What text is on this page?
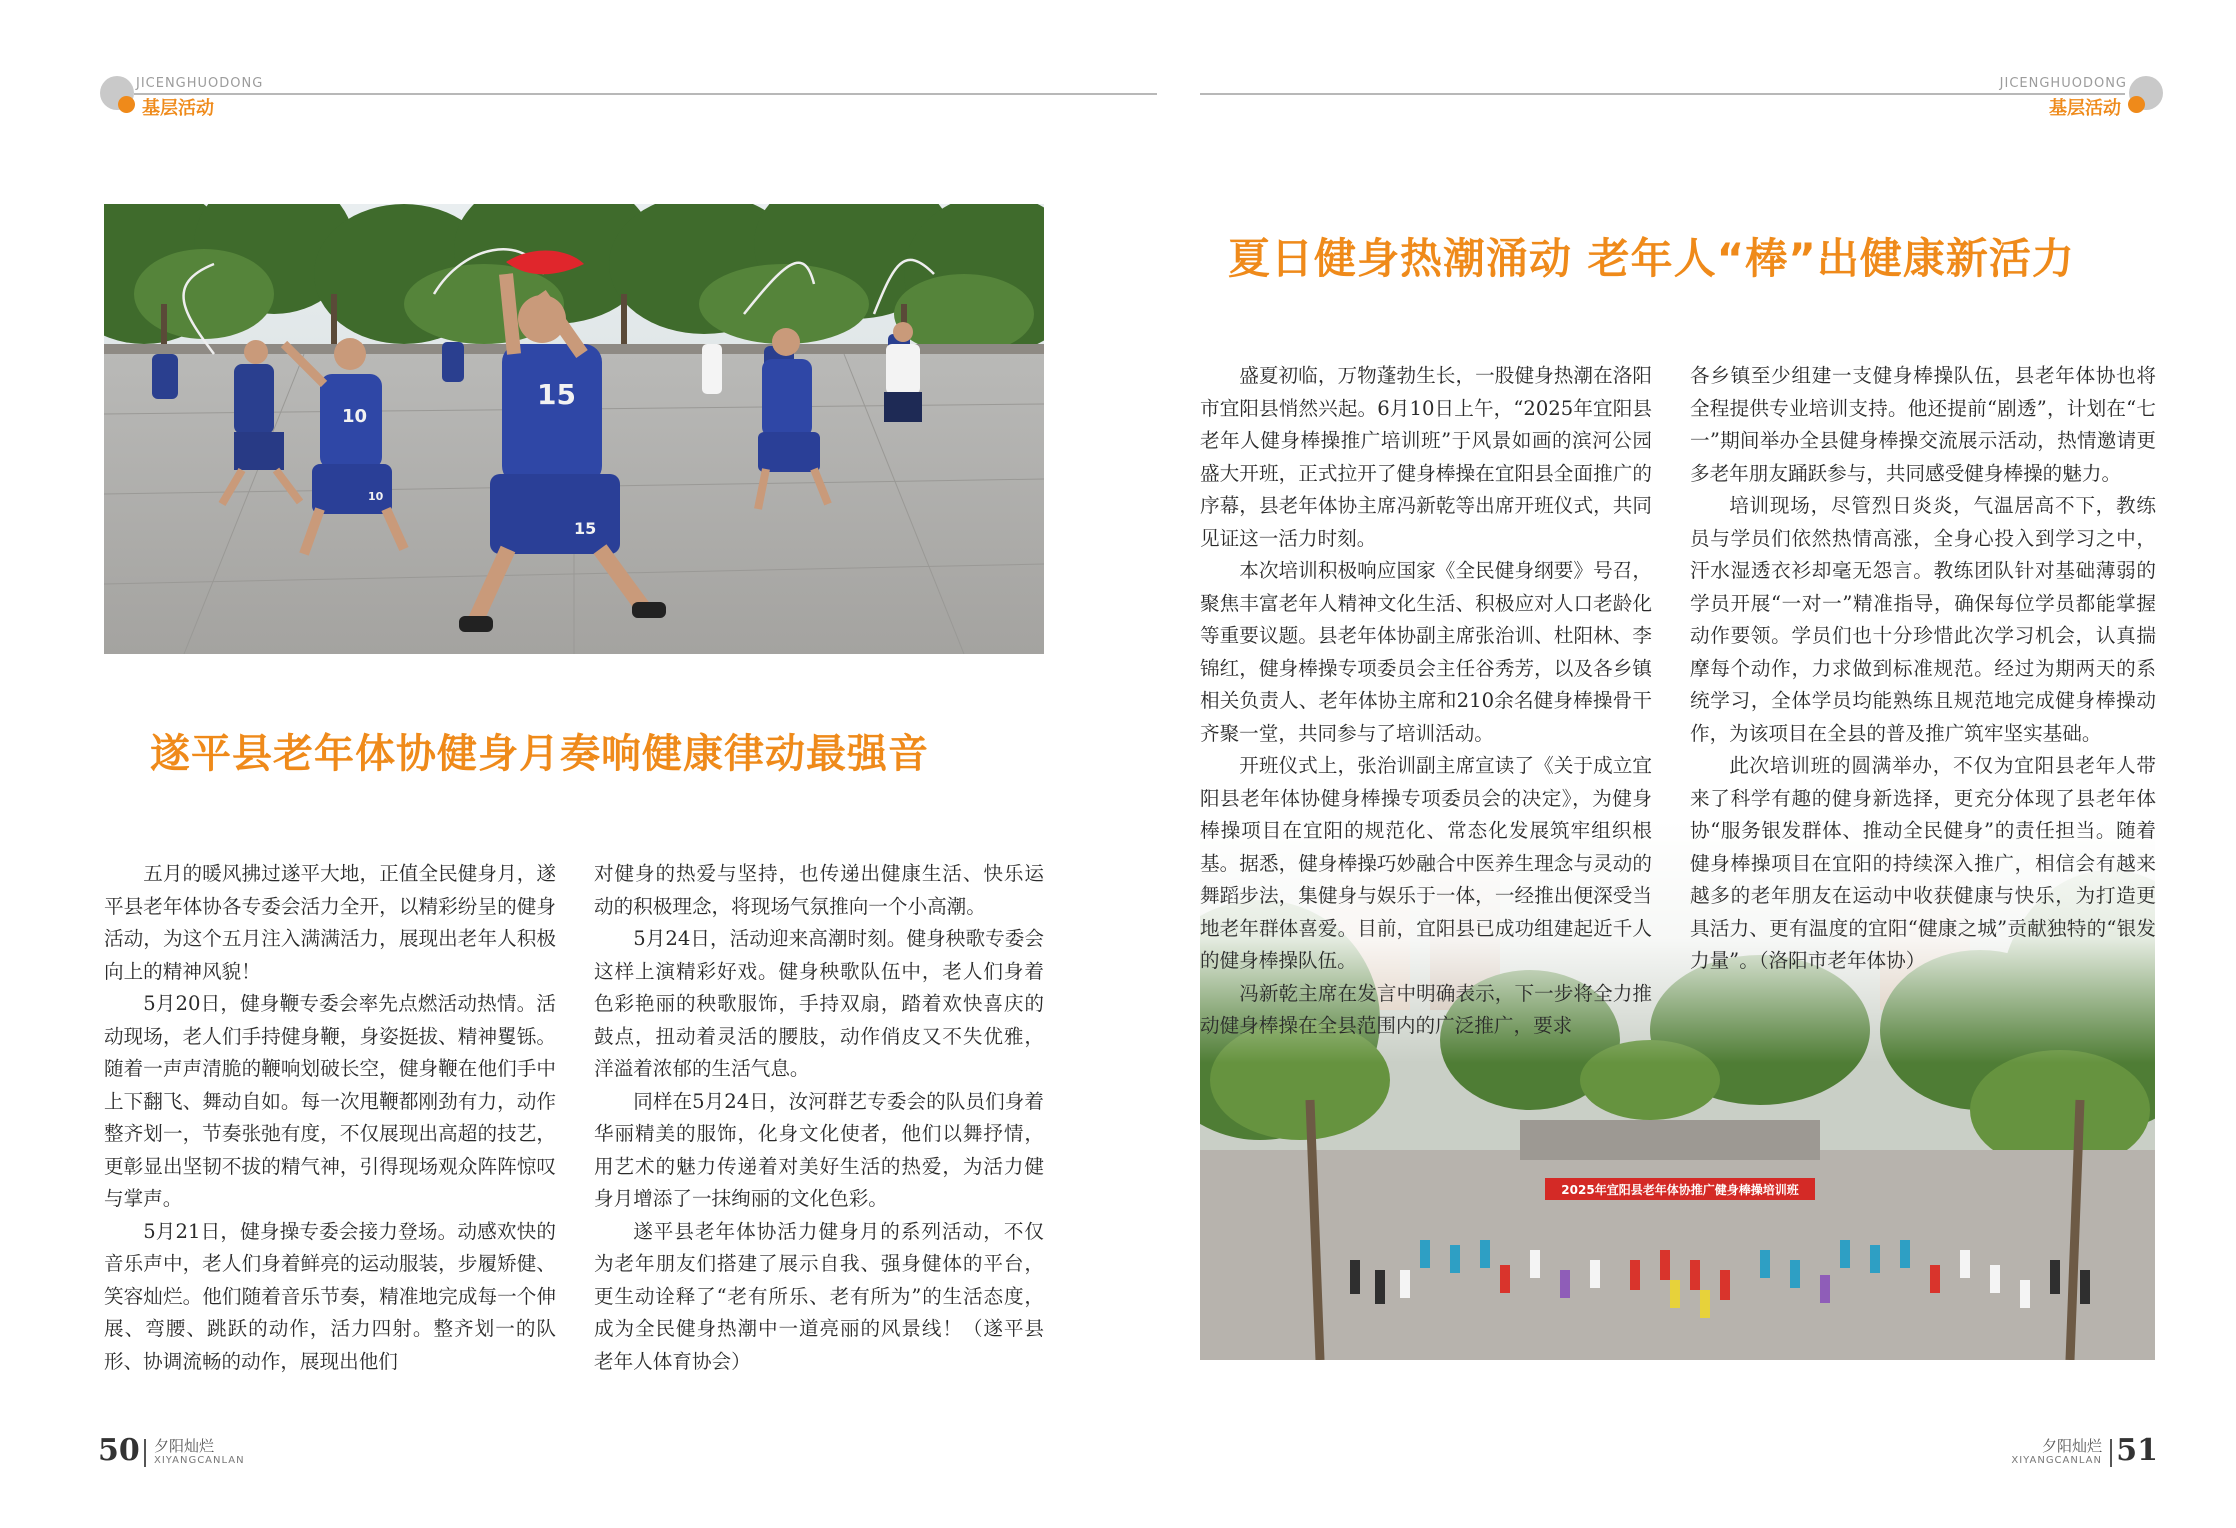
JICENGHUODONG
基层活动
15
15
10
10
遂平县老年体协健身月奏响健康律动最强音

五月的暖风拂过遂平大地，正值全民健身月，遂平县老年体协各专委会活力全开，以精彩纷呈的健身活动，为这个五月注入满满活力，展现出老年人积极向上的精神风貌！

5月20日，健身鞭专委会率先点燃活动热情。活动现场，老人们手持健身鞭，身姿挺拔、精神矍铄。随着一声声清脆的鞭响划破长空，健身鞭在他们手中上下翻飞、舞动自如。每一次甩鞭都刚劲有力，动作整齐划一，节奏张弛有度，不仅展现出高超的技艺，更彰显出坚韧不拔的精气神，引得现场观众阵阵惊叹与掌声。

5月21日，健身操专委会接力登场。动感欢快的音乐声中，老人们身着鲜亮的运动服装，步履矫健、笑容灿烂。他们随着音乐节奏，精准地完成每一个伸展、弯腰、跳跃的动作，活力四射。整齐划一的队形、协调流畅的动作，展现出他们

对健身的热爱与坚持，也传递出健康生活、快乐运动的积极理念，将现场气氛推向一个小高潮。

5月24日，活动迎来高潮时刻。健身秧歌专委会这样上演精彩好戏。健身秧歌队伍中，老人们身着色彩艳丽的秧歌服饰，手持双扇，踏着欢快喜庆的鼓点，扭动着灵活的腰肢，动作俏皮又不失优雅，洋溢着浓郁的生活气息。

同样在5月24日，汝河群艺专委会的队员们身着华丽精美的服饰，化身文化使者，他们以舞抒情，用艺术的魅力传递着对美好生活的热爱，为活力健身月增添了一抹绚丽的文化色彩。

遂平县老年体协活力健身月的系列活动，不仅为老年朋友们搭建了展示自我、强身健体的平台，更生动诠释了“老有所乐、老有所为”的生活态度，成为全民健身热潮中一道亮丽的风景线！（遂平县老年人体育协会）

50 夕阳灿烂
XIYANGCANLAN
JICENGHUODONG
基层活动
夏日健身热潮涌动 老年人“棒”出健康新活力

盛夏初临，万物蓬勃生长，一股健身热潮在洛阳市宜阳县悄然兴起。6月10日上午，“2025年宜阳县老年人健身棒操推广培训班”于风景如画的滨河公园盛大开班，正式拉开了健身棒操在宜阳县全面推广的序幕，县老年体协主席冯新乾等出席开班仪式，共同见证这一活力时刻。

本次培训积极响应国家《全民健身纲要》号召，聚焦丰富老年人精神文化生活、积极应对人口老龄化等重要议题。县老年体协副主席张治训、杜阳林、李锦红，健身棒操专项委员会主任谷秀芳，以及各乡镇相关负责人、老年体协主席和210余名健身棒操骨干齐聚一堂，共同参与了培训活动。

开班仪式上，张治训副主席宣读了《关于成立宜阳县老年体协健身棒操专项委员会的决定》，为健身棒操项目在宜阳的规范化、常态化发展筑牢组织根基。据悉，健身棒操巧妙融合中医养生理念与灵动的舞蹈步法，集健身与娱乐于一体，一经推出便深受当地老年群体喜爱。目前，宜阳县已成功组建起近千人的健身棒操队伍。

冯新乾主席在发言中明确表示，下一步将全力推动健身棒操在全县范围内的广泛推广，要求

各乡镇至少组建一支健身棒操队伍，县老年体协也将全程提供专业培训支持。他还提前“剧透”，计划在“七一”期间举办全县健身棒操交流展示活动，热情邀请更多老年朋友踊跃参与，共同感受健身棒操的魅力。

培训现场，尽管烈日炎炎，气温居高不下，教练员与学员们依然热情高涨，全身心投入到学习之中，汗水湿透衣衫却毫无怨言。教练团队针对基础薄弱的学员开展“一对一”精准指导，确保每位学员都能掌握动作要领。学员们也十分珍惜此次学习机会，认真揣摩每个动作，力求做到标准规范。经过为期两天的系统学习，全体学员均能熟练且规范地完成健身棒操动作，为该项目在全县的普及推广筑牢坚实基础。

此次培训班的圆满举办，不仅为宜阳县老年人带来了科学有趣的健身新选择，更充分体现了县老年体协“服务银发群体、推动全民健身”的责任担当。随着健身棒操项目在宜阳的持续深入推广，相信会有越来越多的老年朋友在运动中收获健康与快乐，为打造更具活力、更有温度的宜阳“健康之城”贡献独特的“银发力量”。（洛阳市老年体协）

51
夕阳灿烂
XIYANGCANLAN
